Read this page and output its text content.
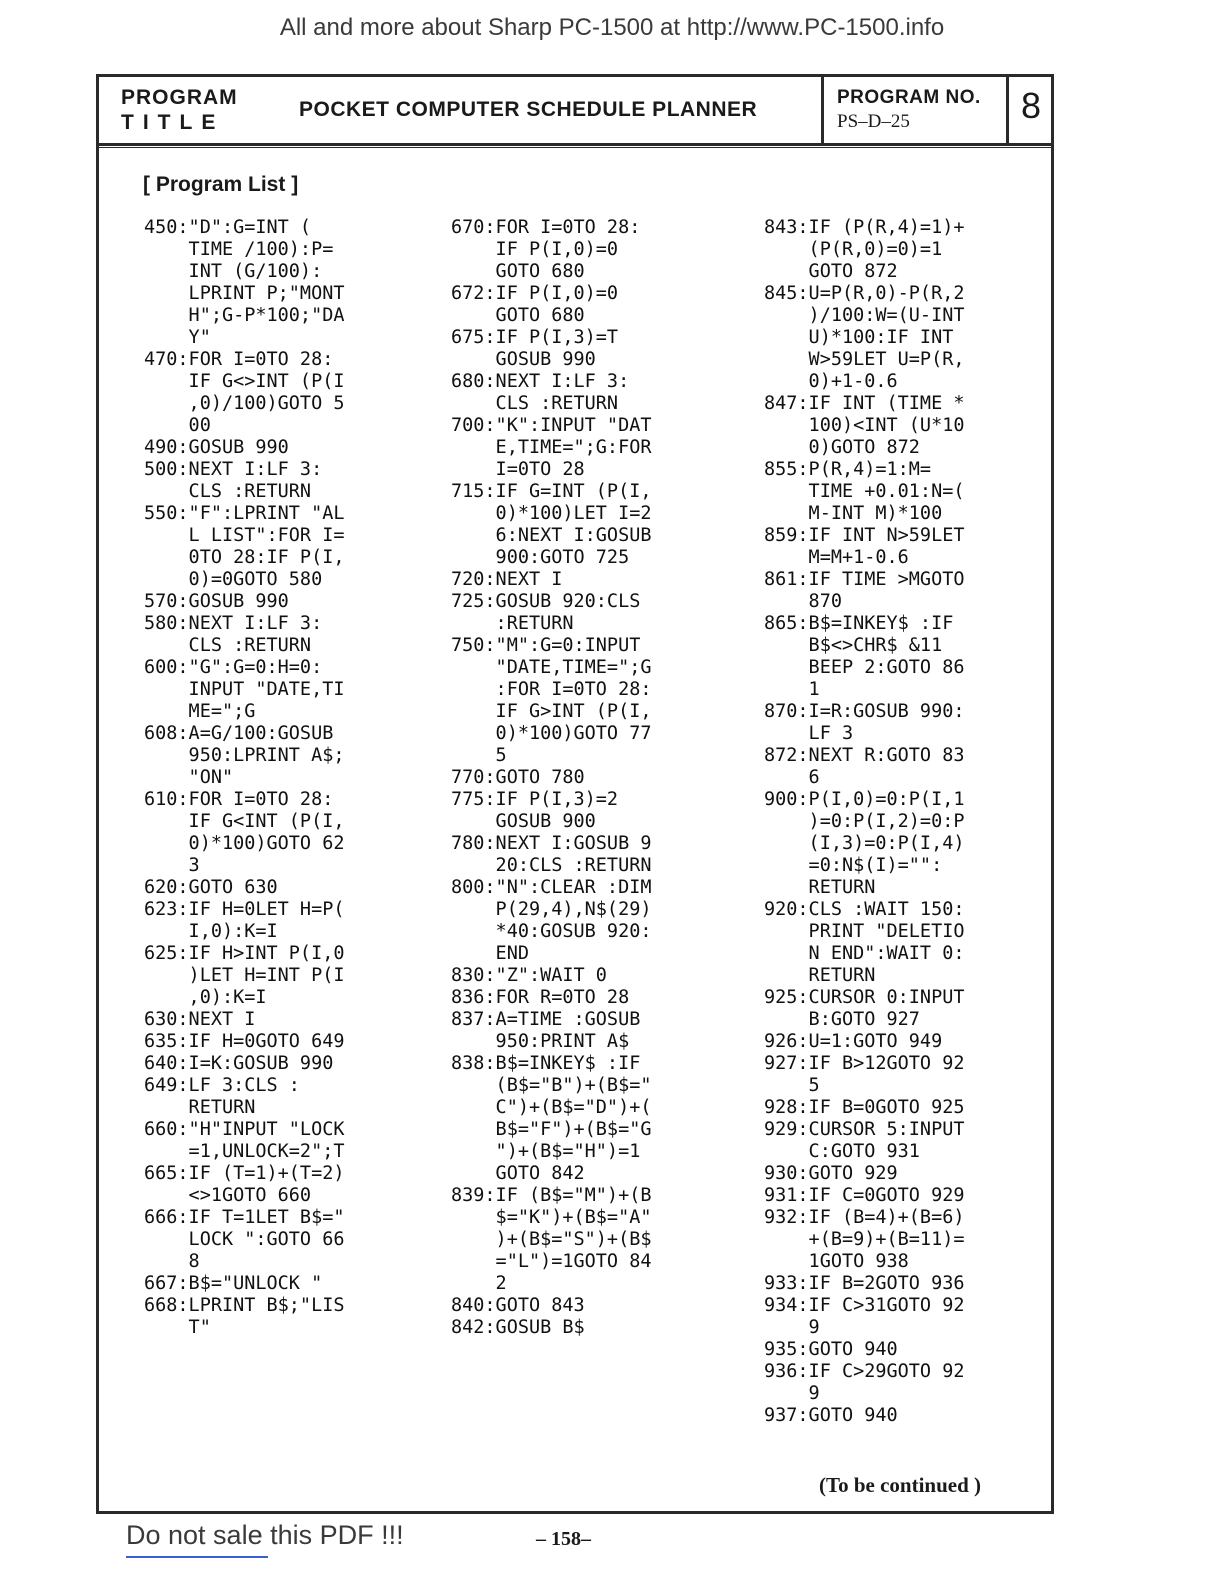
All and more about Sharp PC-1500 at http://www.PC-1500.info
PROGRAM
TITLE
POCKET COMPUTER SCHEDULE PLANNER
PROGRAM NO.
PS–D–25	8
[ Program List ]
450:"D":G=INT (
TIME /100):P=
INT (G/100):
LPRINT P;"MONT
H";G-P*100;"DA
Y"
470:FOR I=0TO 28:
IF G<>INT (P(I
,0)/100)GOTO 5
00
490:GOSUB 990
500:NEXT I:LF 3:
CLS :RETURN
550:"F":LPRINT "AL
L LIST":FOR I=
0TO 28:IF P(I,
0)=0GOTO 580
570:GOSUB 990
580:NEXT I:LF 3:
CLS :RETURN
600:"G":G=0:H=0:
INPUT "DATE,TI
ME=";G
608:A=G/100:GOSUB
950:LPRINT A$;
"ON"
610:FOR I=0TO 28:
IF G<INT (P(I,
0)*100)GOTO 62
3
620:GOTO 630
623:IF H=0LET H=P(
I,0):K=I
625:IF H>INT P(I,0
)LET H=INT P(I
,0):K=I
630:NEXT I
635:IF H=0GOTO 649
640:I=K:GOSUB 990
649:LF 3:CLS :
RETURN
660:"H"INPUT "LOCK
=1,UNLOCK=2";T
665:IF (T=1)+(T=2)
<>1GOTO 660
666:IF T=1LET B$="
LOCK ":GOTO 66
8
667:B$="UNLOCK "
668:LPRINT B$;"LIS
T"
670:FOR I=0TO 28:
IF P(I,0)=0
GOTO 680
672:IF P(I,0)=0
GOTO 680
675:IF P(I,3)=T
GOSUB 990
680:NEXT I:LF 3:
CLS :RETURN
700:"K":INPUT "DAT
E,TIME=";G:FOR
I=0TO 28
715:IF G=INT (P(I,
0)*100)LET I=2
6:NEXT I:GOSUB
900:GOTO 725
720:NEXT I
725:GOSUB 920:CLS
:RETURN
750:"M":G=0:INPUT
"DATE,TIME=";G
:FOR I=0TO 28:
IF G>INT (P(I,
0)*100)GOTO 77
5
770:GOTO 780
775:IF P(I,3)=2
GOSUB 900
780:NEXT I:GOSUB 9
20:CLS :RETURN
800:"N":CLEAR :DIM
P(29,4),N$(29)
*40:GOSUB 920:
END
830:"Z":WAIT 0
836:FOR R=0TO 28
837:A=TIME :GOSUB
950:PRINT A$
838:B$=INKEY$ :IF
(B$="B")+(B$="
C")+(B$="D")+(
B$="F")+(B$="G
")+(B$="H")=1
GOTO 842
839:IF (B$="M")+(B
$="K")+(B$="A"
)+(B$="S")+(B$
="L")=1GOTO 84
2
840:GOTO 843
842:GOSUB B$
843:IF (P(R,4)=1)+
(P(R,0)=0)=1
GOTO 872
845:U=P(R,0)-P(R,2
)/100:W=(U-INT
U)*100:IF INT
W>59LET U=P(R,
0)+1-0.6
847:IF INT (TIME *
100)<INT (U*10
0)GOTO 872
855:P(R,4)=1:M=
TIME +0.01:N=(
M-INT M)*100
859:IF INT N>59LET
M=M+1-0.6
861:IF TIME >MGOTO
870
865:B$=INKEY$ :IF
B$<>CHR$ &11
BEEP 2:GOTO 86
1
870:I=R:GOSUB 990:
LF 3
872:NEXT R:GOTO 83
6
900:P(I,0)=0:P(I,1
)=0:P(I,2)=0:P
(I,3)=0:P(I,4)
=0:N$(I)="":
RETURN
920:CLS :WAIT 150:
PRINT "DELETIO
N END":WAIT 0:
RETURN
925:CURSOR 0:INPUT
B:GOTO 927
926:U=1:GOTO 949
927:IF B>12GOTO 92
5
928:IF B=0GOTO 925
929:CURSOR 5:INPUT
C:GOTO 931
930:GOTO 929
931:IF C=0GOTO 929
932:IF (B=4)+(B=6)
+(B=9)+(B=11)=
1GOTO 938
933:IF B=2GOTO 936
934:IF C>31GOTO 92
9
935:GOTO 940
936:IF C>29GOTO 92
9
937:GOTO 940
(To be continued )
Do not sale this PDF !!!	– 158–
